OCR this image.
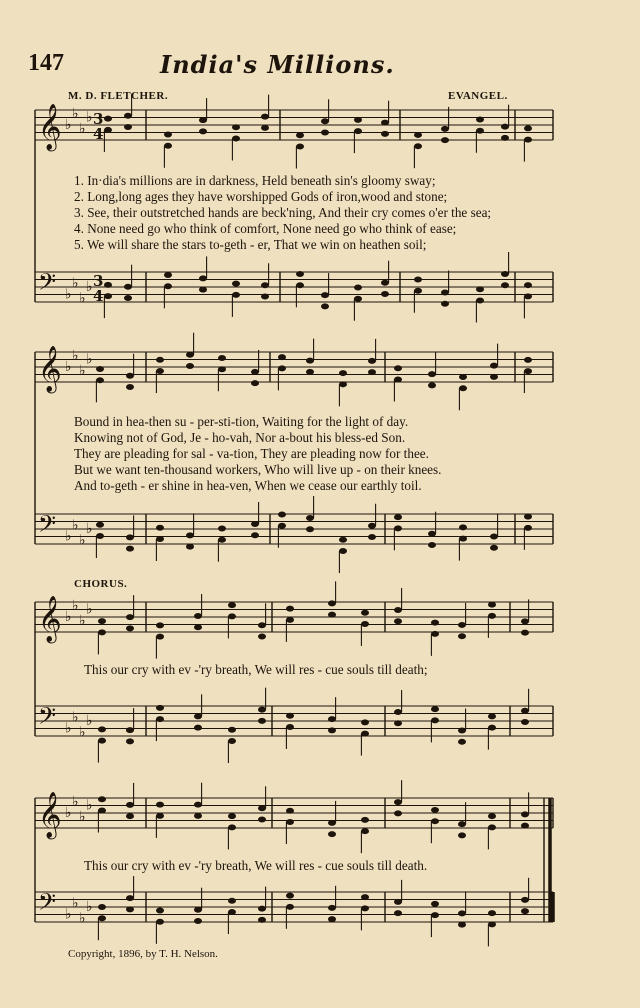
147	India's Millions.
M. D. FLETCHER.	EVANGEL.
𝄞 ♭
♭
♭
♭ 3
4
𝄢 ♭
♭
♭
♭ 3
4
𝄞 ♭
♭
♭
♭
𝄢 ♭
♭
♭
♭
𝄞 ♭
♭
♭
♭
𝄢 ♭
♭
♭
♭
𝄞 ♭
♭
♭
♭
𝄢 ♭
♭
♭
♭
1. In·dia's millions are in darkness, Held beneath sin's gloomy sway;
2. Long,long ages they have worshipped Gods of iron,wood and stone;
3. See, their outstretched hands are beck'ning, And their cry comes o'er the sea;
4. None need go who think of comfort, None need go who think of ease;
5. We will share the stars to-geth - er, That we win on heathen soil;
Bound in hea-then su - per-sti-tion, Waiting for the light of day.
Knowing not of God, Je - ho-vah, Nor a-bout his bless-ed Son.
They are pleading for sal - va-tion, They are pleading now for thee.
But we want ten-thousand workers, Who will live up - on their knees.
And to-geth - er shine in hea-ven, When we cease our earthly toil.
CHORUS.
This our cry with ev -'ry breath, We will res - cue souls till death;
This our cry with ev -'ry breath, We will res - cue souls till death.
Copyright, 1896, by T. H. Nelson.
